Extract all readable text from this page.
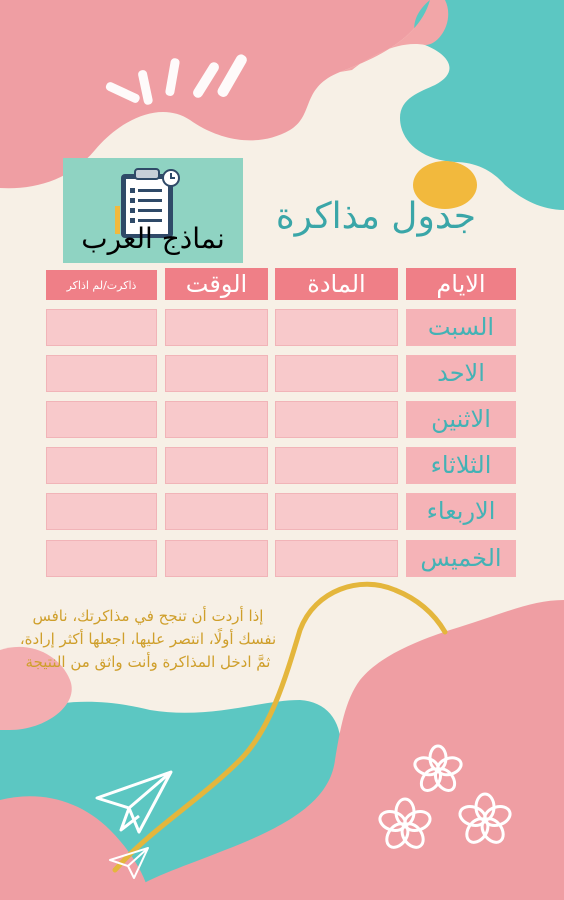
نماذج العرب
جدول مذاكرة
الايام
المادة
الوقت
ذاكرت/لم اذاكر
السبت
الاحد
الاثنين
الثلاثاء
الاربعاء
الخميس
إذا أردت أن تنجح في مذاكرتك، نافس نفسك أولًا، انتصر عليها، اجعلها أكثر إرادة، ثمَّ ادخل المذاكرة وأنت واثق من النتيجة
